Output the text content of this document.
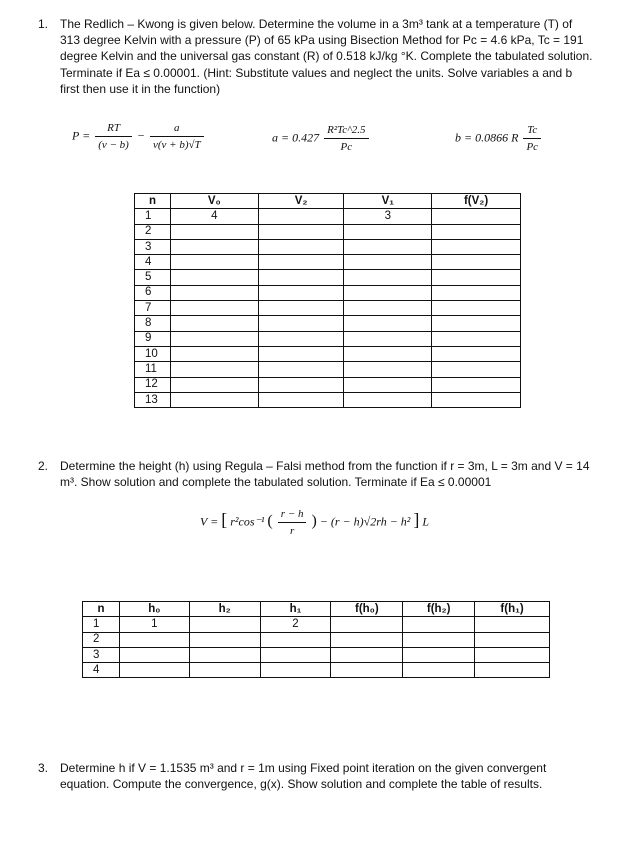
1. The Redlich – Kwong is given below. Determine the volume in a 3m³ tank at a temperature (T) of 313 degree Kelvin with a pressure (P) of 65 kPa using Bisection Method for Pc = 4.6 kPa, Tc = 191 degree Kelvin and the universal gas constant (R) of 0.518 kJ/kg °K. Complete the tabulated solution. Terminate if Ea ≤ 0.00001. (Hint: Substitute values and neglect the units. Solve variables a and b first then use it in the function)
$P = \frac{RT}{(v - b)} - \frac{a}{v(v + b)√T}$	$a = 0.427 \frac{\text{R²Tc\textasciicircum{}2.5}}{Pc}$	b = 0.0866 R $\frac{Tc}{Pc}$
n	V₀	V₂	V₁	f(V₂)
1	4		3	
2				
3				
4				
5				
6				
7				
8				
9				
10				
11				
12				
13				
2. Determine the height (h) using Regula – Falsi method from the function if r = 3m, L = 3m and V = 14 m³. Show solution and complete the tabulated solution. Terminate if Ea ≤ 0.00001
V = [ r²cos⁻¹ ( $\frac{r - h}{r}$ ) − (r − h)√2rh − h² ] L
n	h₀	h₂	h₁	f(h₀)	f(h₂)	f(h₁)
1	1		2			
2						
3						
4						
3. Determine h if V = 1.1535 m³ and r = 1m using Fixed point iteration on the given convergent equation. Compute the convergence, g(x). Show solution and complete the table of results.
